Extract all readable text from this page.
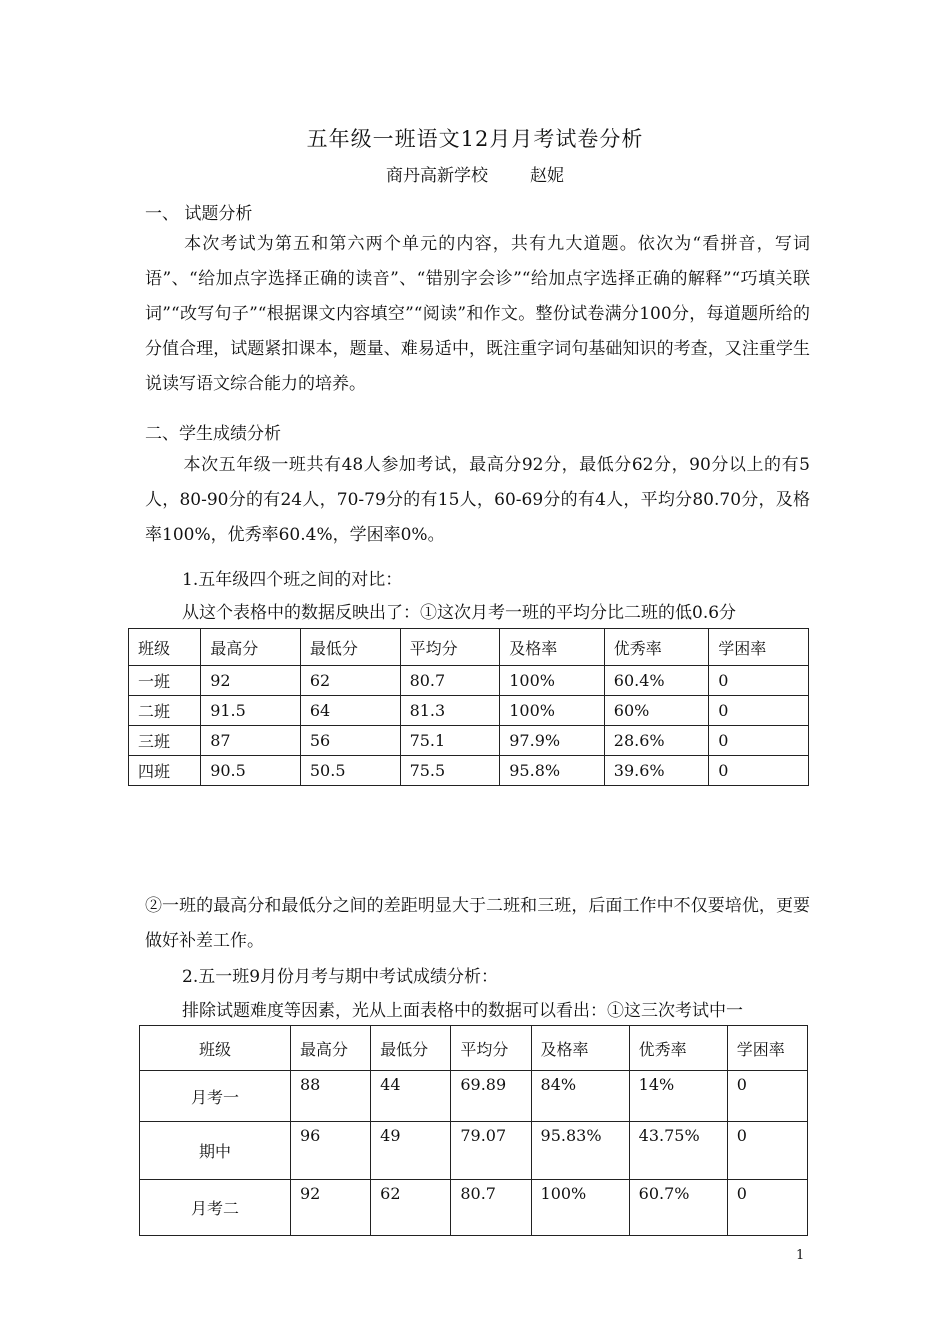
五年级一班语文12月月考试卷分析
商丹高新学校 赵妮
一、 试题分析
本次考试为第五和第六两个单元的内容，共有九大道题。依次为“看拼音，写词语”、“给加点字选择正确的读音”、“错别字会诊”“给加点字选择正确的解释”“巧填关联词”“改写句子”“根据课文内容填空”“阅读”和作文。整份试卷满分100分，每道题所给的分值合理，试题紧扣课本，题量、难易适中，既注重字词句基础知识的考查，又注重学生说读写语文综合能力的培养。
二、学生成绩分析
本次五年级一班共有48人参加考试，最高分92分，最低分62分，90分以上的有5人，80-90分的有24人，70-79分的有15人，60-69分的有4人，平均分80.70分，及格率100%，优秀率60.4%，学困率0%。
1.五年级四个班之间的对比：
从这个表格中的数据反映出了：①这次月考一班的平均分比二班的低0.6分
班级	最高分	最低分	平均分	及格率	优秀率	学困率
一班	92	62	80.7	100%	60.4%	0
二班	91.5	64	81.3	100%	60%	0
三班	87	56	75.1	97.9%	28.6%	0
四班	90.5	50.5	75.5	95.8%	39.6%	0
②一班的最高分和最低分之间的差距明显大于二班和三班，后面工作中不仅要培优，更要做好补差工作。
2.五一班9月份月考与期中考试成绩分析：
排除试题难度等因素，光从上面表格中的数据可以看出：①这三次考试中一
班级	最高分	最低分	平均分	及格率	优秀率	学困率
月考一	88	44	69.89	84%	14%	0
期中	96	49	79.07	95.83%	43.75%	0
月考二	92	62	80.7	100%	60.7%	0
1
